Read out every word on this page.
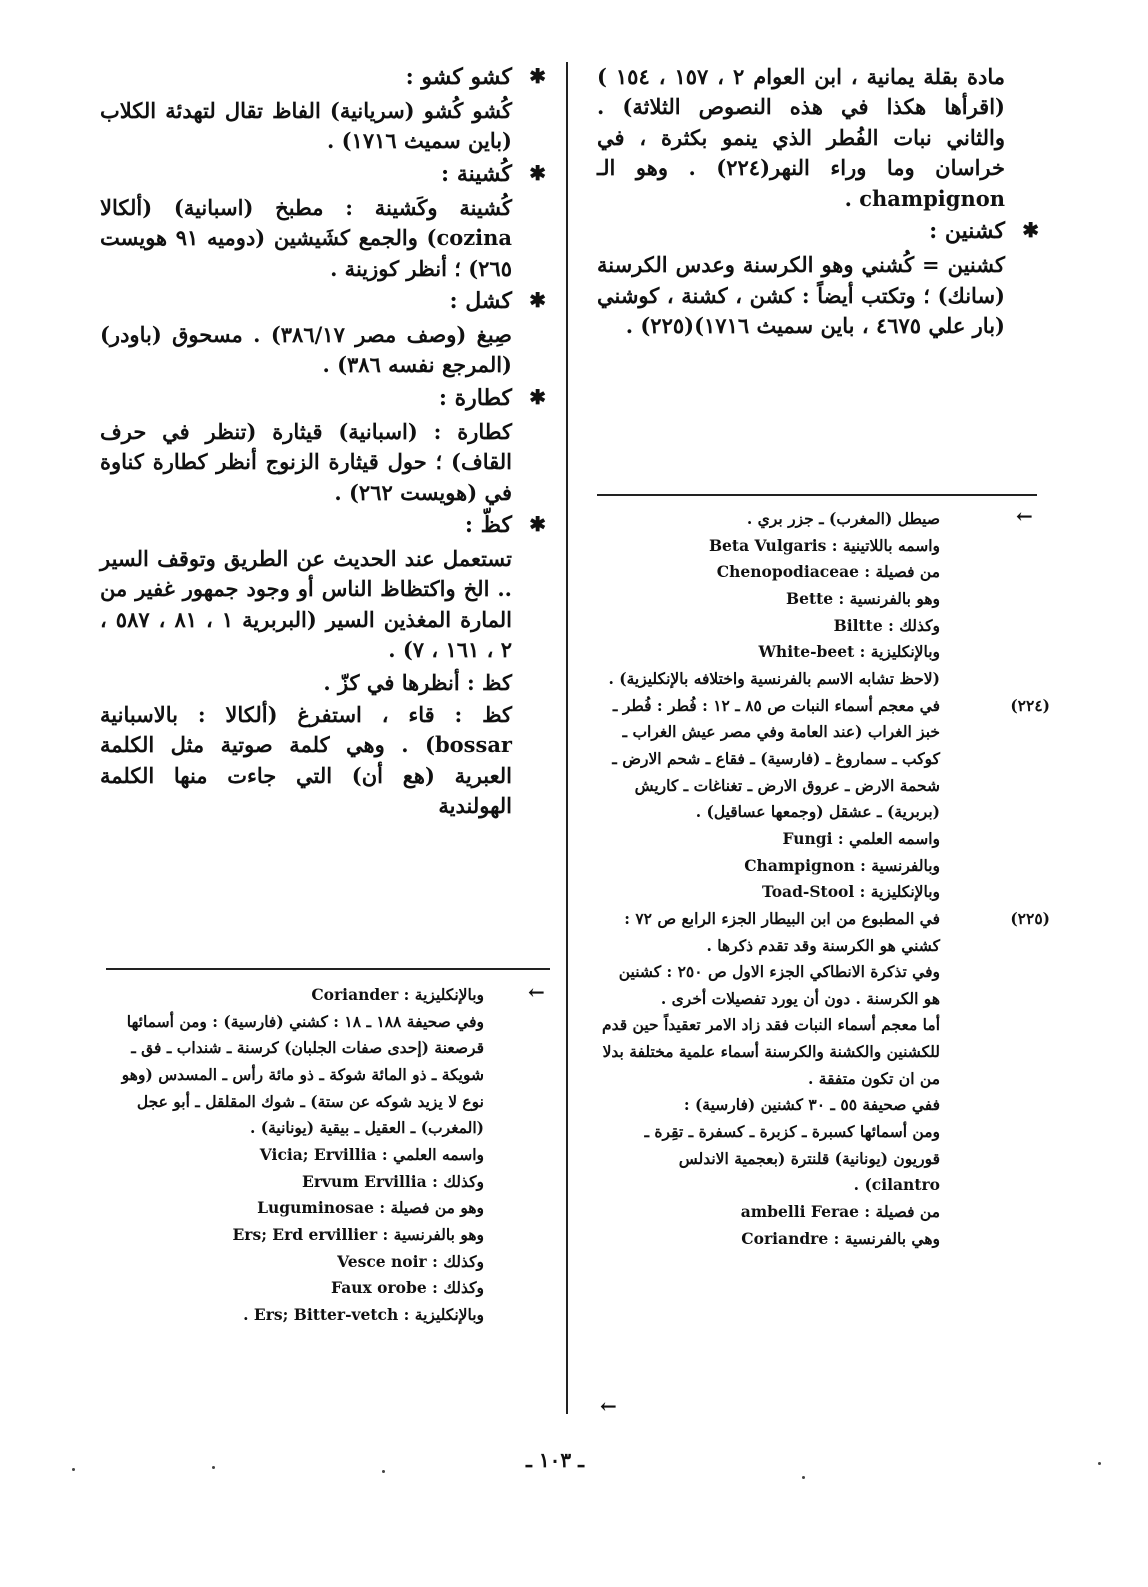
مادة بقلة يمانية ، ابن العوام ٢ ، ١٥٧ ، ١٥٤ ) (اقرأها هكذا في هذه النصوص الثلاثة) . والثاني نبات الفُطر الذي ينمو بكثرة ، في خراسان وما وراء النهر(٢٢٤) . وهو الـ champignon .

✱

كشنين :

كشنين = كُشني وهو الكرسنة وعدس الكرسنة (سانك) ؛ وتكتب أيضاً : كشن ، كشنة ، كوشني (بار علي ٤٦٧٥ ، باين سميث ١٧١٦)(٢٢٥) .

✱

كشو كشو :

كُشو كُشو (سريانية) الفاظ تقال لتهدئة الكلاب (باين سميث ١٧١٦) .

✱

كُشينة :

كُشينة وكَشينة : مطبخ (اسبانية) (ألكالا cozina) والجمع كشَيشين (دوميه ٩١ هويست ٢٦٥) ؛ أنظر كوزينة .

✱

كشل :

صِبغ (وصف مصر ٣٨٦/١٧) . مسحوق (باودر) (المرجع نفسه ٣٨٦) .

✱

كطارة :

كطارة : (اسبانية) قيثارة (تنظر في حرف القاف) ؛ حول قيثارة الزنوج أنظر كطارة كناوة في (هويست ٢٦٢) .

✱

كظّ :

تستعمل عند الحديث عن الطريق وتوقف السير .. الخ واكتظاظ الناس أو وجود جمهور غفير من المارة المغذين السير (البربرية ١ ، ٨١ ، ٥٨٧ ، ٢ ، ١٦١ ، ٧) .

كظ : أنظرها في كزّ .

كظ : قاء ، استفرغ (ألكالا : بالاسبانية bossar) . وهي كلمة صوتية مثل الكلمة العبرية (هع أن) التي جاءت منها الكلمة الهولندية

←

صيطل (المغرب) ـ جزر بري .

واسمه باللاتينية : Beta Vulgaris

من فصيلة : Chenopodiaceae

وهو بالفرنسية : Bette

وكذلك : Biltte

وبالإنكليزية : White-beet

(لاحظ تشابه الاسم بالفرنسية واختلافه بالإنكليزية) .

(٢٢٤)

في معجم أسماء النبات ص ٨٥ ـ ١٢ : فُطر : فُطر ـ خبز الغراب (عند العامة وفي مصر عيش الغراب ـ كوكب ـ سماروغ ـ (فارسية) ـ فقاع ـ شحم الارض ـ شحمة الارض ـ عروق الارض ـ تغناغات ـ كاريش (بربرية) ـ عشقل (وجمعها عساقيل) .

واسمه العلمي : Fungi

وبالفرنسية : Champignon

وبالإنكليزية : Toad-Stool

(٢٢٥)

في المطبوع من ابن البيطار الجزء الرابع ص ٧٢ : كشني هو الكرسنة وقد تقدم ذكرها .

وفي تذكرة الانطاكي الجزء الاول ص ٢٥٠ : كشنين هو الكرسنة . دون أن يورد تفصيلات أخرى .

أما معجم أسماء النبات فقد زاد الامر تعقيداً حين قدم للكشنين والكشنة والكرسنة أسماء علمية مختلفة بدلا من ان تكون متفقة .

ففي صحيفة ٥٥ ـ ٣٠ كشنين (فارسية) :

ومن أسمائها كسبرة ـ كزبرة ـ كسفرة ـ تقِرة ـ قوريون (يونانية) قلنترة (بعجمية الاندلس cilantro) .

من فصيلة : ambelli Ferae

وهي بالفرنسية : Coriandre

←
←

وبالإنكليزية : Coriander

وفي صحيفة ١٨٨ ـ ١٨ : كشني (فارسية) : ومن أسمائها قرصعنة (إحدى صفات الجلبان) كرسنة ـ شنداب ـ فق ـ شويكة ـ ذو المائة شوكة ـ ذو مائة رأس ـ المسدس (وهو نوع لا يزيد شوكه عن ستة) ـ شوك المقلقل ـ أبو عجل (المغرب) ـ العقيل ـ بيقية (يونانية) .

واسمه العلمي : Vicia; Ervillia

وكذلك : Ervum Ervillia

وهو من فصيلة : Luguminosae

وهو بالفرنسية : Ers; Erd ervillier

وكذلك : Vesce noir

وكذلك : Faux orobe

وبالإنكليزية : Ers; Bitter-vetch .

ـ ١٠٣ ـ
